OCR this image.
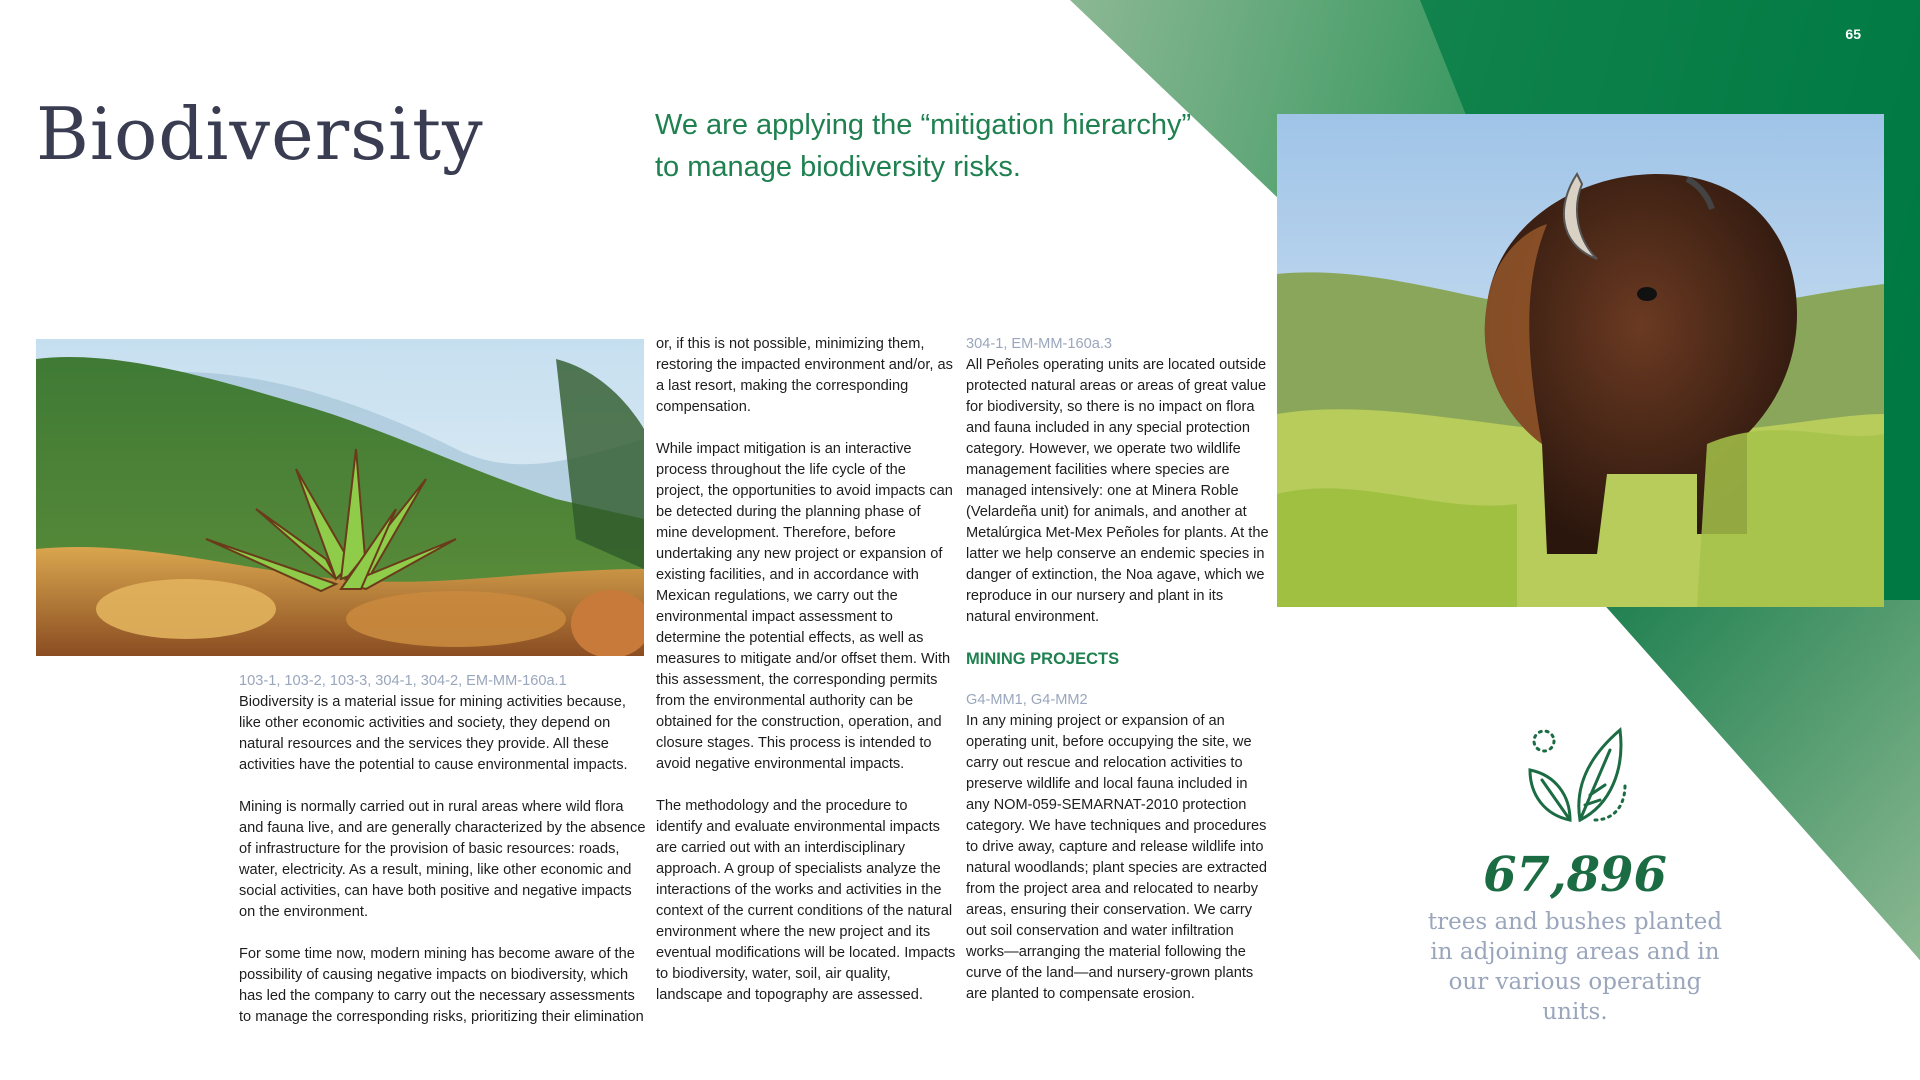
65
Biodiversity	We are applying the “mitigation hierarchy” to manage biodiversity risks.
103-1, 103-2, 103-3, 304-1, 304-2, EM-MM-160a.1

Biodiversity is a material issue for mining activities because, like other economic activities and society, they depend on natural resources and the services they provide. All these activities have the potential to cause environmental impacts.

Mining is normally carried out in rural areas where wild flora and fauna live, and are generally characterized by the absence of infrastructure for the provision of basic resources: roads, water, electricity. As a result, mining, like other economic and social activities, can have both positive and negative impacts on the environment.

For some time now, modern mining has become aware of the possibility of causing negative impacts on biodiversity, which has led the company to carry out the necessary assessments to manage the corresponding risks, prioritizing their elimination

or, if this is not possible, minimizing them, restoring the impacted environment and/or, as a last resort, making the corresponding compensation.

While impact mitigation is an interactive process throughout the life cycle of the project, the opportunities to avoid impacts can be detected during the planning phase of mine development. Therefore, before undertaking any new project or expansion of existing facilities, and in accordance with Mexican regulations, we carry out the environmental impact assessment to determine the potential effects, as well as measures to mitigate and/or offset them. With this assessment, the corresponding permits from the environmental authority can be obtained for the construction, operation, and closure stages. This process is intended to avoid negative environmental impacts.

The methodology and the procedure to identify and evaluate environmental impacts are carried out with an interdisciplinary approach. A group of specialists analyze the interactions of the works and activities in the context of the current conditions of the natural environment where the new project and its eventual modifications will be located. Impacts to biodiversity, water, soil, air quality, landscape and topography are assessed.

304-1, EM-MM-160a.3

All Peñoles operating units are located outside protected natural areas or areas of great value for biodiversity, so there is no impact on flora and fauna included in any special protection category. However, we operate two wildlife management facilities where species are managed intensively: one at Minera Roble (Velardeña unit) for animals, and another at Metalúrgica Met-Mex Peñoles for plants. At the latter we help conserve an endemic species in danger of extinction, the Noa agave, which we reproduce in our nursery and plant in its natural environment.

MINING PROJECTS
G4-MM1, G4-MM2

In any mining project or expansion of an operating unit, before occupying the site, we carry out rescue and relocation activities to preserve wildlife and local fauna included in any NOM-059-SEMARNAT-2010 protection category. We have techniques and procedures to drive away, capture and release wildlife into natural woodlands; plant species are extracted from the project area and relocated to nearby areas, ensuring their conservation. We carry out soil conservation and water infiltration works—arranging the material following the curve of the land—and nursery-grown plants are planted to compensate erosion.

67,896
trees and bushes planted in adjoining areas and in our various operating units.
